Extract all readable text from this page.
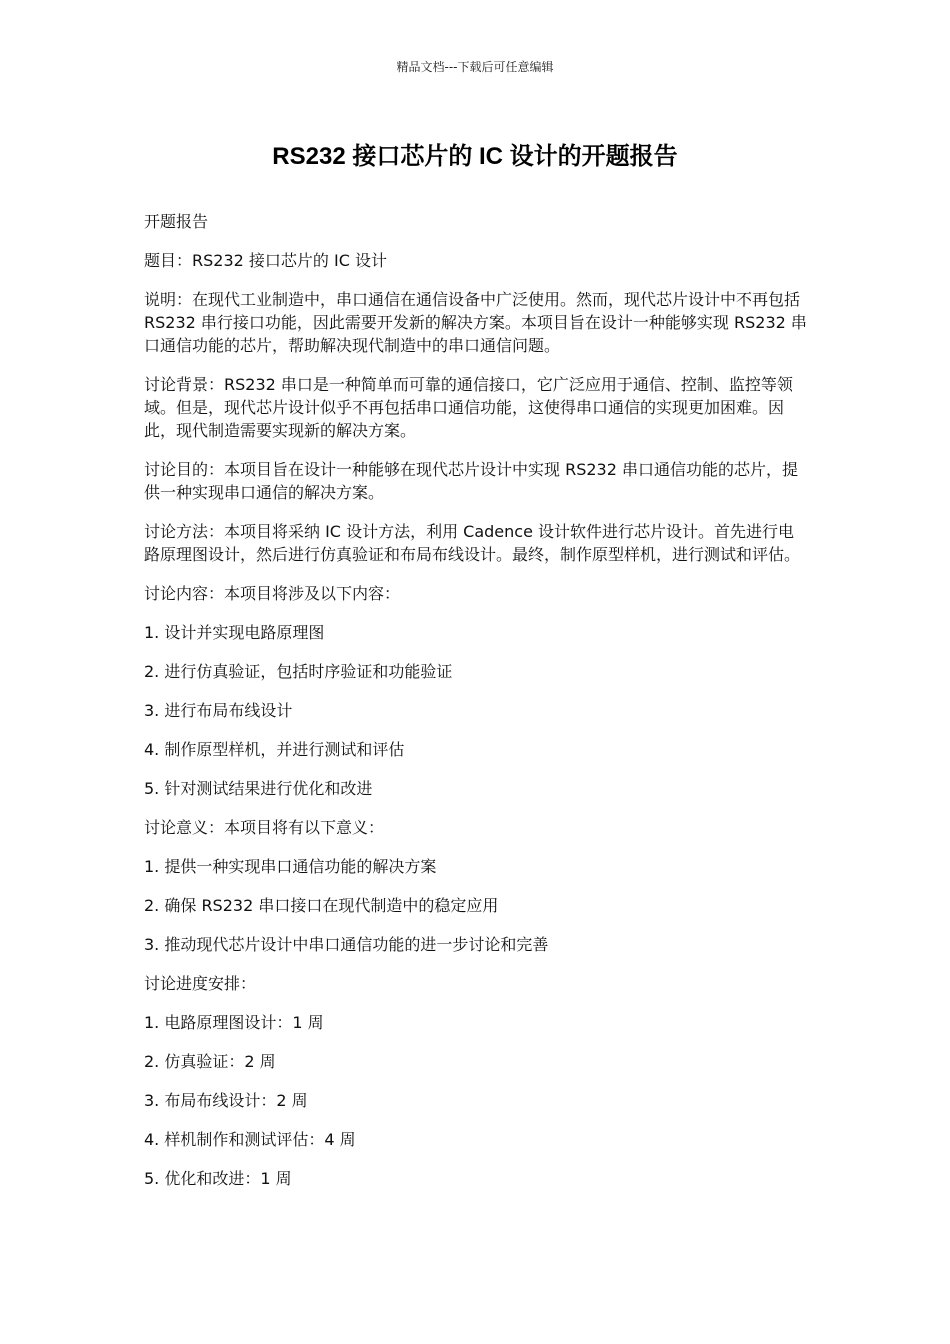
精品文档---下载后可任意编辑
RS232 接口芯片的 IC 设计的开题报告

开题报告

题目：RS232 接口芯片的 IC 设计

说明：在现代工业制造中，串口通信在通信设备中广泛使用。然而，现代芯片设计中不再包括 RS232 串行接口功能，因此需要开发新的解决方案。本项目旨在设计一种能够实现 RS232 串口通信功能的芯片，帮助解决现代制造中的串口通信问题。

讨论背景：RS232 串口是一种简单而可靠的通信接口，它广泛应用于通信、控制、监控等领域。但是，现代芯片设计似乎不再包括串口通信功能，这使得串口通信的实现更加困难。因此，现代制造需要实现新的解决方案。

讨论目的：本项目旨在设计一种能够在现代芯片设计中实现 RS232 串口通信功能的芯片，提供一种实现串口通信的解决方案。

讨论方法：本项目将采纳 IC 设计方法，利用 Cadence 设计软件进行芯片设计。首先进行电路原理图设计，然后进行仿真验证和布局布线设计。最终，制作原型样机，进行测试和评估。

讨论内容：本项目将涉及以下内容：

1. 设计并实现电路原理图

2. 进行仿真验证，包括时序验证和功能验证

3. 进行布局布线设计

4. 制作原型样机，并进行测试和评估

5. 针对测试结果进行优化和改进

讨论意义：本项目将有以下意义：

1. 提供一种实现串口通信功能的解决方案

2. 确保 RS232 串口接口在现代制造中的稳定应用

3. 推动现代芯片设计中串口通信功能的进一步讨论和完善

讨论进度安排：

1. 电路原理图设计：1 周

2. 仿真验证：2 周

3. 布局布线设计：2 周

4. 样机制作和测试评估：4 周

5. 优化和改进：1 周
